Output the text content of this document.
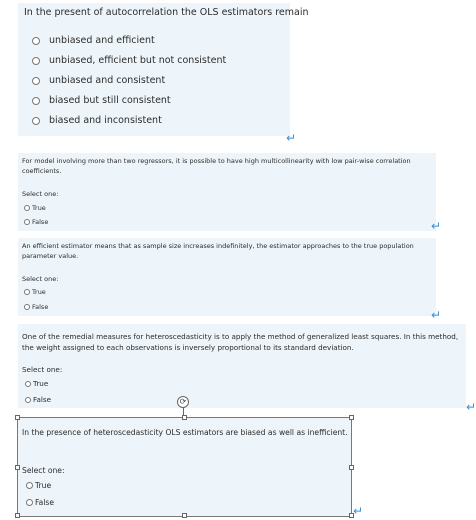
In the present of autocorrelation the OLS estimators remain
unbiased and efficient
unbiased, efficient but not consistent
unbiased and consistent
biased but still consistent
biased and inconsistent
↵
For model involving more than two regressors, it is possible to have high multicollinearity with low pair-wise correlation coefficients.
Select one:
True
False	↵
An efficient estimator means that as sample size increases indefinitely, the estimator approaches to the true population parameter value.
Select one:
True
False
↵
One of the remedial measures for heteroscedasticity is to apply the method of generalized least squares. In this method, the weight assigned to each observations is inversely proportional to its standard deviation.
Select one:
True
False
↵
⟳
In the presence of heteroscedasticity OLS estimators are biased as well as inefficient.
Select one:
True
False
↵
